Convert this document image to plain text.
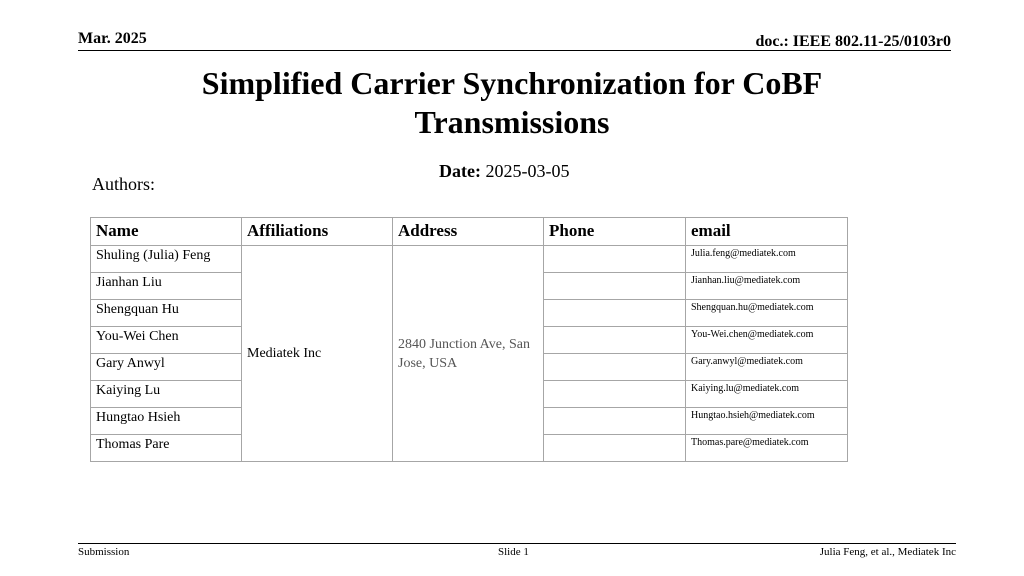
Mar. 2025	doc.: IEEE 802.11-25/0103r0
Simplified Carrier Synchronization for CoBF
Transmissions
Date: 2025-03-05
Authors:
Name	Affiliations	Address	Phone	email
Shuling (Julia) Feng	Mediatek Inc	2840 Junction Ave, San Jose, USA		Julia.feng@mediatek.com
Jianhan Liu				Jianhan.liu@mediatek.com
Shengquan Hu				Shengquan.hu@mediatek.com
You-Wei Chen				You-Wei.chen@mediatek.com
Gary Anwyl				Gary.anwyl@mediatek.com
Kaiying Lu				Kaiying.lu@mediatek.com
Hungtao Hsieh				Hungtao.hsieh@mediatek.com
Thomas Pare				Thomas.pare@mediatek.com
Submission	Slide 1	Julia Feng, et al., Mediatek Inc
